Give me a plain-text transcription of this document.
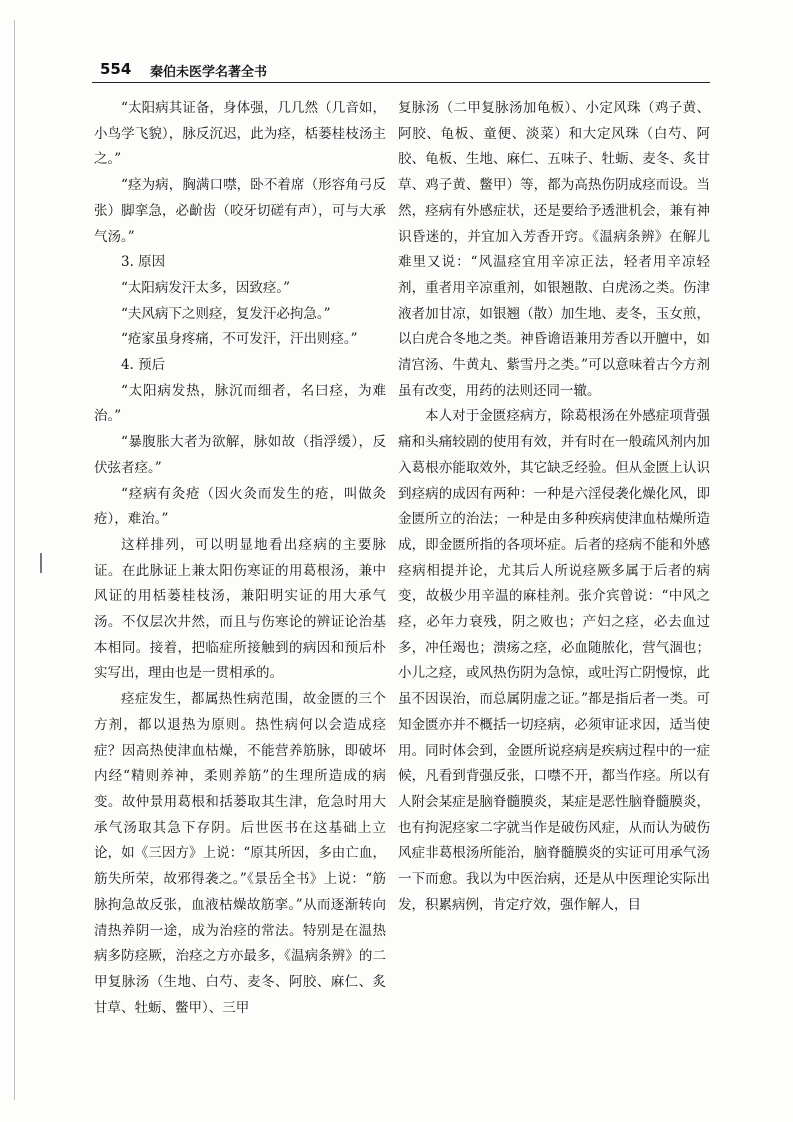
554 秦伯未医学名著全书

“太阳病其证备，身体强，几几然（几音如，小鸟学飞貌），脉反沉迟，此为痉，栝蒌桂枝汤主之。”

“痉为病，胸满口噤，卧不着席（形容角弓反张）脚挛急，必齘齿（咬牙切磋有声），可与大承气汤。”

3. 原因

“太阳病发汗太多，因致痉。”

“夫风病下之则痉，复发汗必拘急。”

“疮家虽身疼痛，不可发汗，汗出则痉。”

4. 预后

“太阳病发热，脉沉而细者，名曰痉，为难治。”

“暴腹胀大者为欲解，脉如故（指浮缓），反伏弦者痉。”

“痉病有灸疮（因火灸而发生的疮，叫做灸疮），难治。”

这样排列，可以明显地看出痉病的主要脉证。在此脉证上兼太阳伤寒证的用葛根汤，兼中风证的用栝蒌桂枝汤，兼阳明实证的用大承气汤。不仅层次井然，而且与伤寒论的辨证论治基本相同。接着，把临症所接触到的病因和预后朴实写出，理由也是一贯相承的。

痉症发生，都属热性病范围，故金匮的三个方剂，都以退热为原则。热性病何以会造成痉症？因高热使津血枯燥，不能营养筋脉，即破坏内经“精则养神，柔则养筋”的生理所造成的病变。故仲景用葛根和括蒌取其生津，危急时用大承气汤取其急下存阴。后世医书在这基础上立论，如《三因方》上说：“原其所因，多由亡血，筋失所荣，故邪得袭之。”《景岳全书》上说：“筋脉拘急故反张，血液枯燥故筋挛。”从而逐渐转向清热养阴一途，成为治痉的常法。特别是在温热病多防痉厥，治痉之方亦最多，《温病条辨》的二甲复脉汤（生地、白芍、麦冬、阿胶、麻仁、炙甘草、牡蛎、鳖甲）、三甲

复脉汤（二甲复脉汤加龟板）、小定风珠（鸡子黄、阿胶、龟板、童便、淡菜）和大定风珠（白芍、阿胶、龟板、生地、麻仁、五味子、牡蛎、麦冬、炙甘草、鸡子黄、鳖甲）等，都为高热伤阴成痉而设。当然，痉病有外感症状，还是要给予透泄机会，兼有神识昏迷的，并宜加入芳香开窍。《温病条辨》在解儿难里又说：“风温痉宜用辛凉正法，轻者用辛凉轻剂，重者用辛凉重剂，如银翘散、白虎汤之类。伤津液者加甘凉，如银翘（散）加生地、麦冬，玉女煎，以白虎合冬地之类。神昏谵语兼用芳香以开膻中，如清宫汤、牛黄丸、紫雪丹之类。”可以意味着古今方剂虽有改变，用药的法则还同一辙。

本人对于金匮痉病方，除葛根汤在外感症项背强痛和头痛较剧的使用有效，并有时在一般疏风剂内加入葛根亦能取效外，其它缺乏经验。但从金匮上认识到痉病的成因有两种：一种是六淫侵袭化燥化风，即金匮所立的治法；一种是由多种疾病使津血枯燥所造成，即金匮所指的各项坏症。后者的痉病不能和外感痉病相提并论，尤其后人所说痉厥多属于后者的病变，故极少用辛温的麻桂剂。张介宾曾说：“中风之痉，必年力衰残，阴之败也；产妇之痉，必去血过多，冲任竭也；溃疡之痉，必血随脓化，营气涸也；小儿之痉，或风热伤阴为急惊，或吐泻亡阴慢惊，此虽不因误治，而总属阴虚之证。”都是指后者一类。可知金匮亦并不概括一切痉病，必须审证求因，适当使用。同时体会到，金匮所说痉病是疾病过程中的一症候，凡看到背强反张，口噤不开，都当作痉。所以有人附会某症是脑脊髓膜炎，某症是恶性脑脊髓膜炎，也有拘泥痉家二字就当作是破伤风症，从而认为破伤风症非葛根汤所能治，脑脊髓膜炎的实证可用承气汤一下而愈。我以为中医治病，还是从中医理论实际出发，积累病例，肯定疗效，强作解人，目
